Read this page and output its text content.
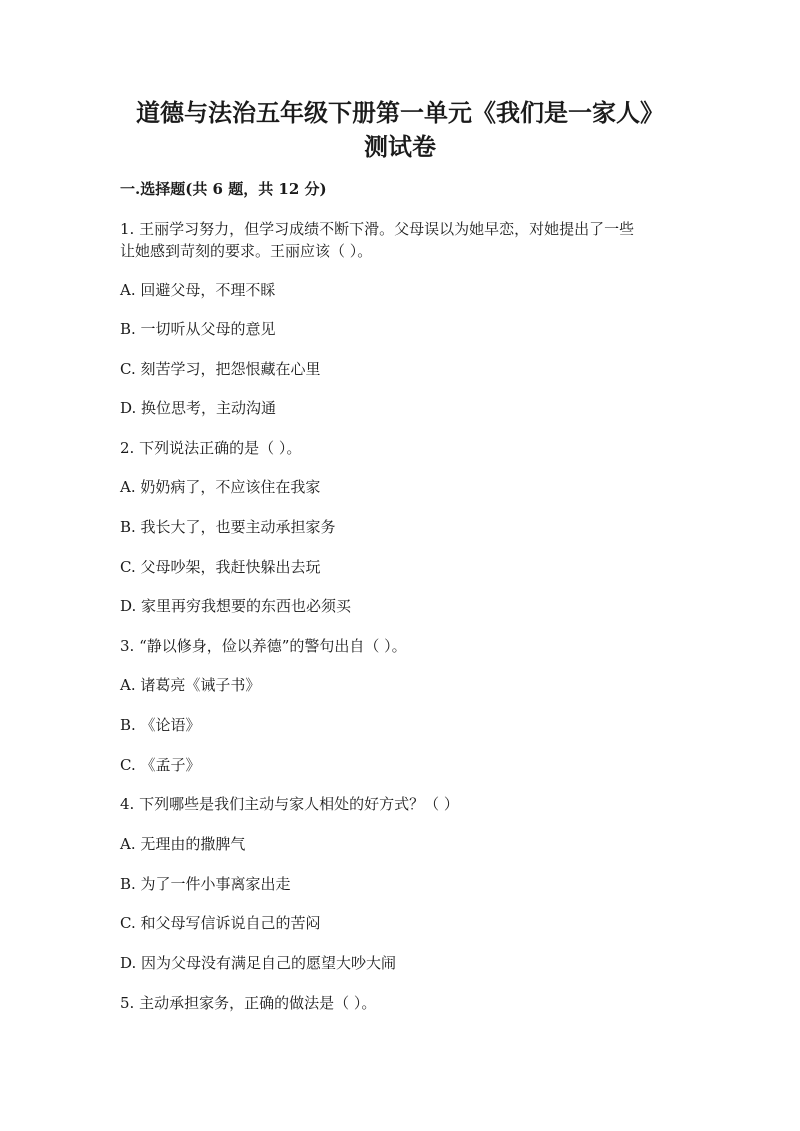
道德与法治五年级下册第一单元《我们是一家人》
测试卷
一.选择题(共 6 题，共 12 分)
1. 王丽学习努力，但学习成绩不断下滑。父母误以为她早恋，对她提出了一些
让她感到苛刻的要求。王丽应该（ ）。
A. 回避父母，不理不睬
B. 一切听从父母的意见
C. 刻苦学习，把怨恨藏在心里
D. 换位思考，主动沟通
2. 下列说法正确的是（ ）。
A. 奶奶病了，不应该住在我家
B. 我长大了，也要主动承担家务
C. 父母吵架，我赶快躲出去玩
D. 家里再穷我想要的东西也必须买
3. “静以修身，俭以养德”的警句出自（ ）。
A. 诸葛亮《诫子书》
B. 《论语》
C. 《孟子》
4. 下列哪些是我们主动与家人相处的好方式？（ ）
A. 无理由的撒脾气
B. 为了一件小事离家出走
C. 和父母写信诉说自己的苦闷
D. 因为父母没有满足自己的愿望大吵大闹
5. 主动承担家务，正确的做法是（ ）。
